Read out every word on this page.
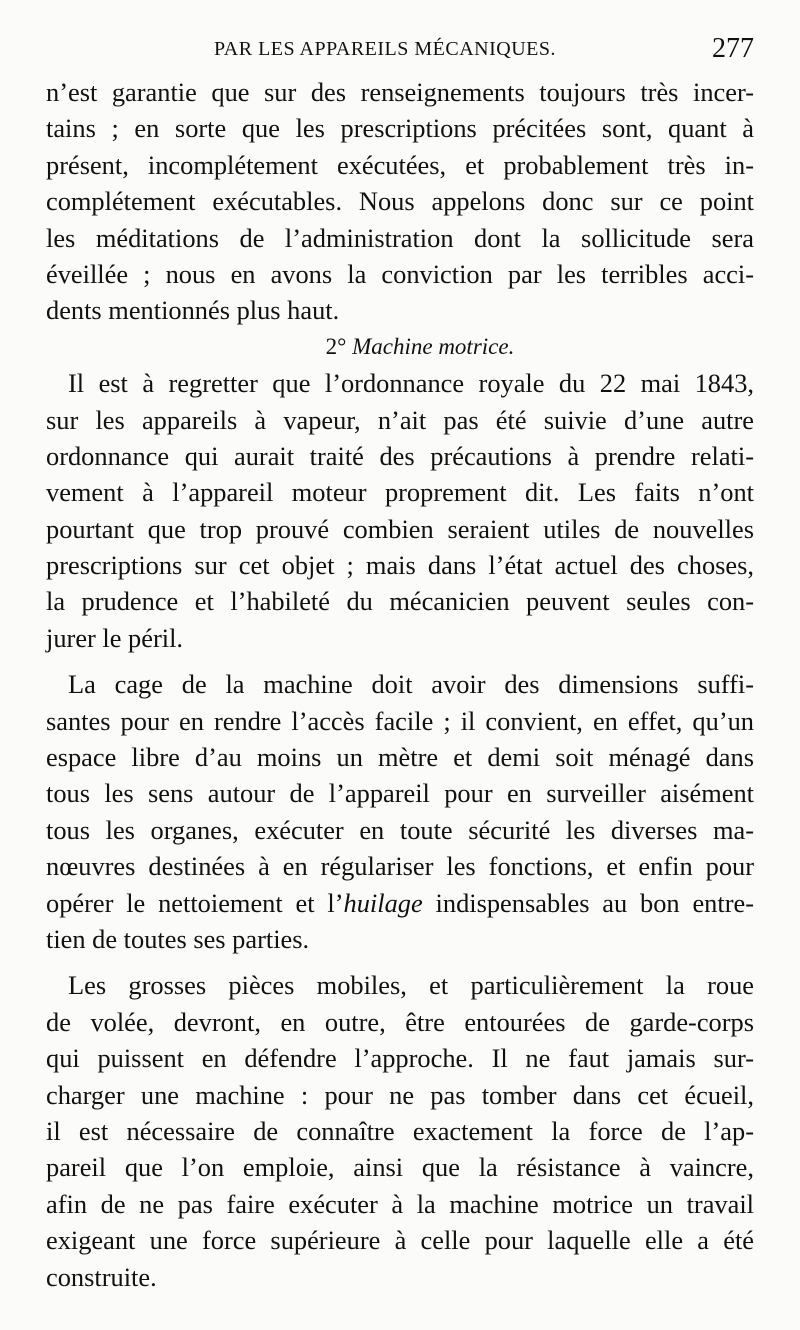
PAR LES APPAREILS MÉCANIQUES.	277
n’est garantie que sur des renseignements toujours très incer-
tains ; en sorte que les prescriptions précitées sont, quant à
présent, incomplétement exécutées, et probablement très in-
complétement exécutables. Nous appelons donc sur ce point
les méditations de l’administration dont la sollicitude sera
éveillée ; nous en avons la conviction par les terribles acci-
dents mentionnés plus haut.
2° Machine motrice.
Il est à regretter que l’ordonnance royale du 22 mai 1843,
sur les appareils à vapeur, n’ait pas été suivie d’une autre
ordonnance qui aurait traité des précautions à prendre relati-
vement à l’appareil moteur proprement dit. Les faits n’ont
pourtant que trop prouvé combien seraient utiles de nouvelles
prescriptions sur cet objet ; mais dans l’état actuel des choses,
la prudence et l’habileté du mécanicien peuvent seules con-
jurer le péril.
La cage de la machine doit avoir des dimensions suffi-
santes pour en rendre l’accès facile ; il convient, en effet, qu’un
espace libre d’au moins un mètre et demi soit ménagé dans
tous les sens autour de l’appareil pour en surveiller aisément
tous les organes, exécuter en toute sécurité les diverses ma-
nœuvres destinées à en régulariser les fonctions, et enfin pour
opérer le nettoiement et l’huilage indispensables au bon entre-
tien de toutes ses parties.
Les grosses pièces mobiles, et particulièrement la roue
de volée, devront, en outre, être entourées de garde-corps
qui puissent en défendre l’approche. Il ne faut jamais sur-
charger une machine : pour ne pas tomber dans cet écueil,
il est nécessaire de connaître exactement la force de l’ap-
pareil que l’on emploie, ainsi que la résistance à vaincre,
afin de ne pas faire exécuter à la machine motrice un travail
exigeant une force supérieure à celle pour laquelle elle a été
construite.
